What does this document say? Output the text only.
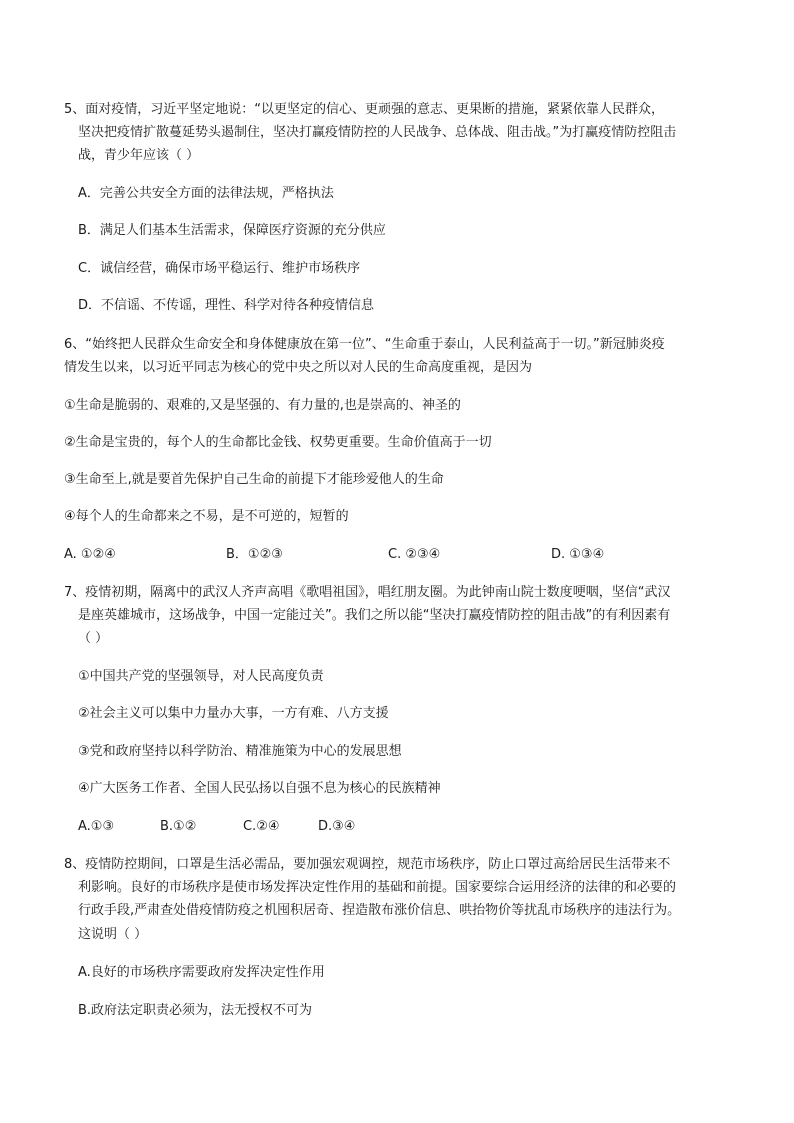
5、面对疫情，习近平坚定地说：“以更坚定的信心、更顽强的意志、更果断的措施，紧紧依靠人民群众，
坚决把疫情扩散蔓延势头遏制住，坚决打赢疫情防控的人民战争、总体战、阻击战。”为打赢疫情防控阻击
战，青少年应该（ ）
A．完善公共安全方面的法律法规，严格执法
B．满足人们基本生活需求，保障医疗资源的充分供应
C．诚信经营，确保市场平稳运行、维护市场秩序
D．不信谣、不传谣，理性、科学对待各种疫情信息
6、“始终把人民群众生命安全和身体健康放在第一位”、“生命重于泰山，人民利益高于一切。”新冠肺炎疫
情发生以来，以习近平同志为核心的党中央之所以对人民的生命高度重视，是因为
①生命是脆弱的、艰难的,又是坚强的、有力量的,也是崇高的、神圣的
②生命是宝贵的，每个人的生命都比金钱、权势更重要。生命价值高于一切
③生命至上,就是要首先保护自己生命的前提下才能珍爱他人的生命
④每个人的生命都来之不易，是不可逆的，短暂的
A. ①②④	B．①②③	C. ②③④	D. ①③④
7、疫情初期，隔离中的武汉人齐声高唱《歌唱祖国》，唱红朋友圈。为此钟南山院士数度哽咽，坚信“武汉
是座英雄城市，这场战争，中国一定能过关”。我们之所以能“坚决打赢疫情防控的阻击战”的有利因素有
（ ）
①中国共产党的坚强领导，对人民高度负责
②社会主义可以集中力量办大事，一方有难、八方支援
③党和政府坚持以科学防治、精准施策为中心的发展思想
④广大医务工作者、全国人民弘扬以自强不息为核心的民族精神
A.①③	B.①②	C.②④	D.③④
8、疫情防控期间，口罩是生活必需品，要加强宏观调控，规范市场秩序，防止口罩过高给居民生活带来不
利影响。良好的市场秩序是使市场发挥决定性作用的基础和前提。国家要综合运用经济的法律的和必要的
行政手段,严肃查处借疫情防疫之机囤积居奇、捏造散布涨价信息、哄抬物价等扰乱市场秩序的违法行为。
这说明（ ）
A.良好的市场秩序需要政府发挥决定性作用
B.政府法定职责必须为，法无授权不可为
